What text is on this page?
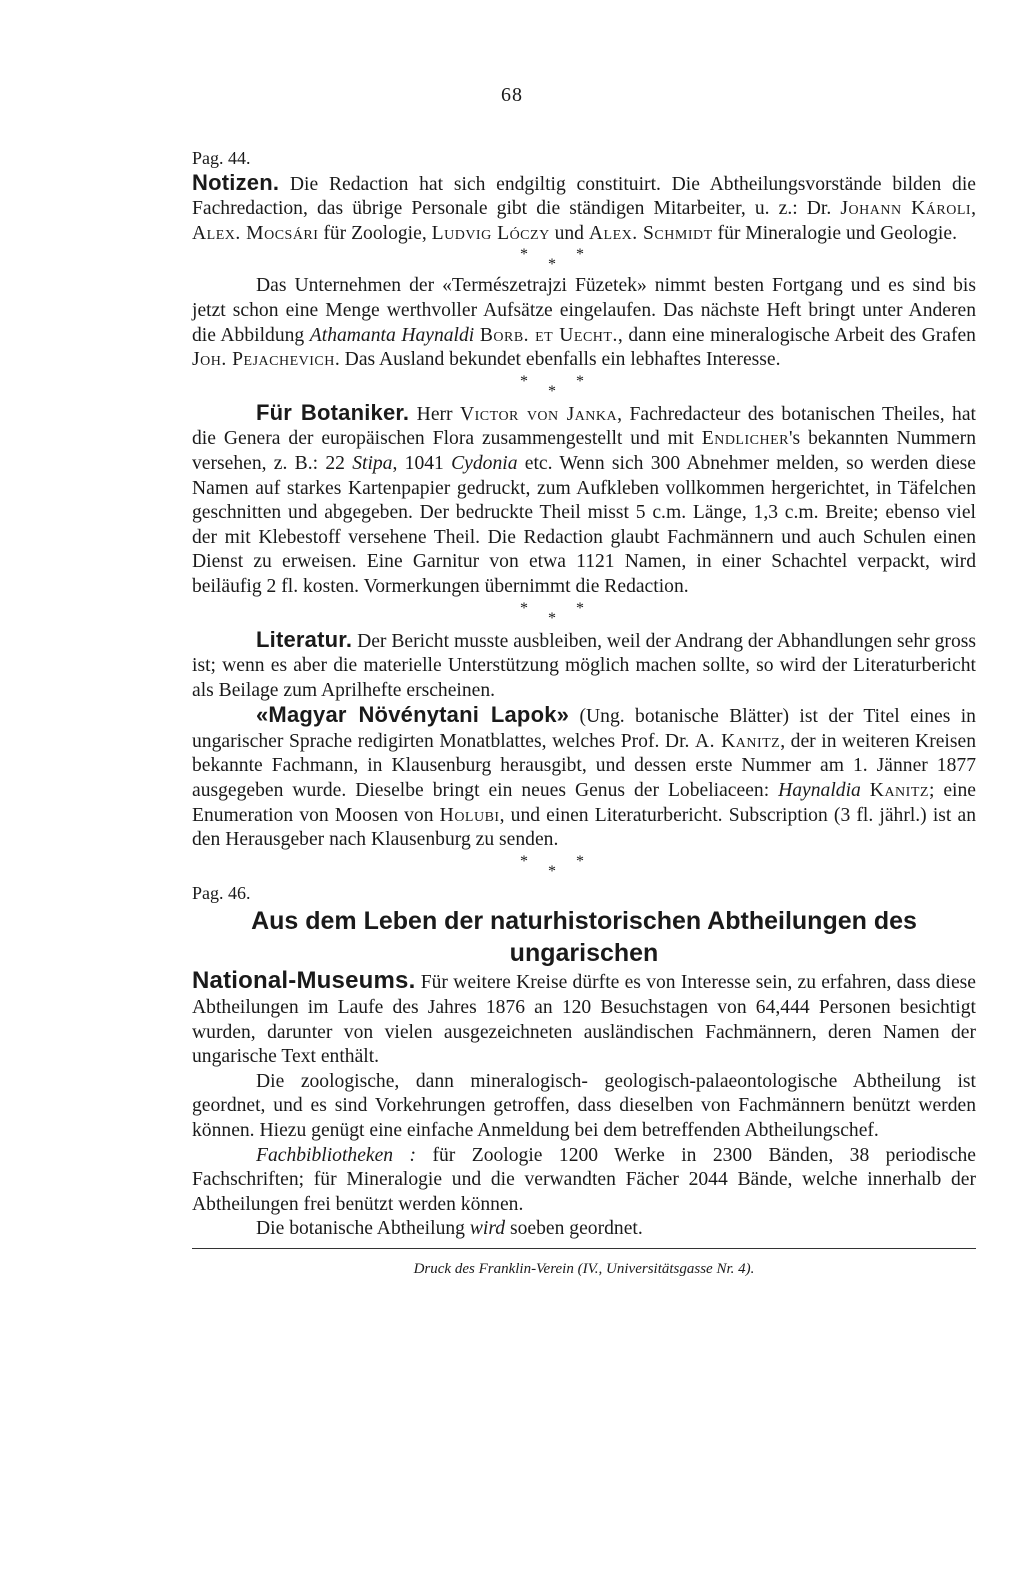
68

Pag. 44.

Notizen. Die Redaction hat sich endgiltig constituirt. Die Abtheilungsvorstände bilden die Fachredaction, das übrige Personale gibt die ständigen Mitarbeiter, u. z.: Dr. Johann Károli, Alex. Mocsári für Zoologie, Ludvig Lóczy und Alex. Schmidt für Mineralogie und Geologie.

*
*
*

Das Unternehmen der «Természetrajzi Füzetek» nimmt besten Fortgang und es sind bis jetzt schon eine Menge werthvoller Aufsätze eingelaufen. Das nächste Heft bringt unter Anderen die Abbildung Athamanta Haynaldi Borb. et Uecht., dann eine mineralogische Arbeit des Grafen Joh. Pejachevich. Das Ausland bekundet ebenfalls ein lebhaftes Interesse.

*
*
*

Für Botaniker. Herr Victor von Janka, Fachredacteur des botanischen Theiles, hat die Genera der europäischen Flora zusammengestellt und mit Endlicher's bekannten Nummern versehen, z. B.: 22 Stipa, 1041 Cydonia etc. Wenn sich 300 Abnehmer melden, so werden diese Namen auf starkes Kartenpapier gedruckt, zum Aufkleben vollkommen hergerichtet, in Täfelchen geschnitten und abgegeben. Der bedruckte Theil misst 5 c.m. Länge, 1,3 c.m. Breite; ebenso viel der mit Klebestoff versehene Theil. Die Redaction glaubt Fachmännern und auch Schulen einen Dienst zu erweisen. Eine Garnitur von etwa 1121 Namen, in einer Schachtel verpackt, wird beiläufig 2 fl. kosten. Vormerkungen übernimmt die Redaction.

*
*
*

Literatur. Der Bericht musste ausbleiben, weil der Andrang der Abhandlungen sehr gross ist; wenn es aber die materielle Unterstützung möglich machen sollte, so wird der Literaturbericht als Beilage zum Aprilhefte erscheinen.

«Magyar Növénytani Lapok» (Ung. botanische Blätter) ist der Titel eines in ungarischer Sprache redigirten Monatblattes, welches Prof. Dr. A. Kanitz, der in weiteren Kreisen bekannte Fachmann, in Klausenburg herausgibt, und dessen erste Nummer am 1. Jänner 1877 ausgegeben wurde. Dieselbe bringt ein neues Genus der Lobeliaceen: Haynaldia Kanitz; eine Enumeration von Moosen von Holubi, und einen Literaturbericht. Subscription (3 fl. jährl.) ist an den Herausgeber nach Klausenburg zu senden.

*
*
*

Pag. 46.

Aus dem Leben der naturhistorischen Abtheilungen des ungarischen

National-Museums. Für weitere Kreise dürfte es von Interesse sein, zu erfahren, dass diese Abtheilungen im Laufe des Jahres 1876 an 120 Besuchstagen von 64,444 Personen besichtigt wurden, darunter von vielen ausgezeichneten ausländischen Fachmännern, deren Namen der ungarische Text enthält.

Die zoologische, dann mineralogisch- geologisch-palaeontologische Abtheilung ist geordnet, und es sind Vorkehrungen getroffen, dass dieselben von Fachmännern benützt werden können. Hiezu genügt eine einfache Anmeldung bei dem betreffenden Abtheilungschef.

Fachbibliotheken : für Zoologie 1200 Werke in 2300 Bänden, 38 periodische Fachschriften; für Mineralogie und die verwandten Fächer 2044 Bände, welche innerhalb der Abtheilungen frei benützt werden können.

Die botanische Abtheilung wird soeben geordnet.

Druck des Franklin-Verein (IV., Universitätsgasse Nr. 4).
